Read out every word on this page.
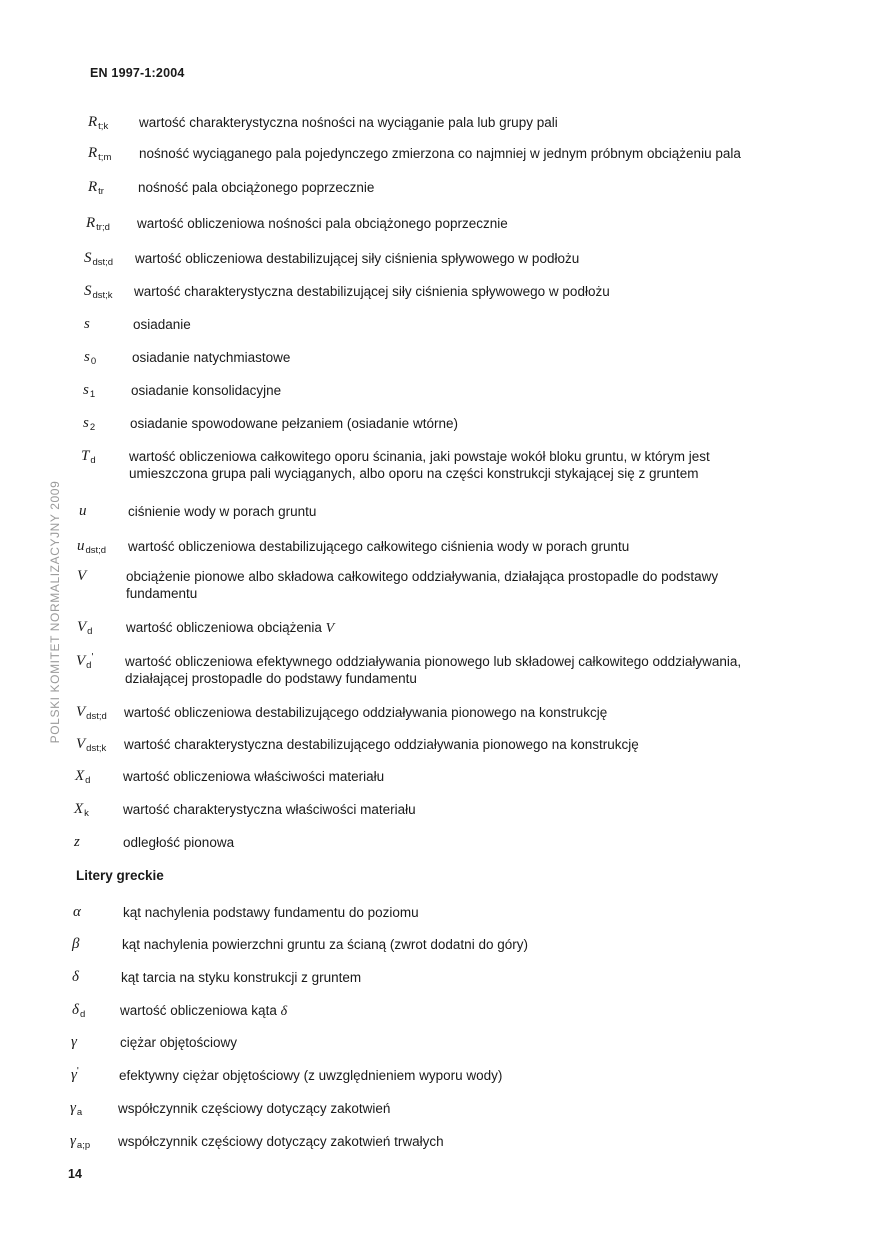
EN 1997-1:2004
POLSKI KOMITET NORMALIZACYJNY 2009
$R_{t;k}$ wartość charakterystyczna nośności na wyciąganie pala lub grupy pali
$R_{t;m}$ nośność wyciąganego pala pojedynczego zmierzona co najmniej w jednym próbnym obciążeniu pala
$R_{tr}$	nośność pala obciążonego poprzecznie
$R_{tr;d}$ wartość obliczeniowa nośności pala obciążonego poprzecznie
$S_{dst;d}$ wartość obliczeniowa destabilizującej siły ciśnienia spływowego w podłożu
$S_{dst;k}$ wartość charakterystyczna destabilizującej siły ciśnienia spływowego w podłożu
s	osiadanie
$s_0$	osiadanie natychmiastowe
$s_1$	osiadanie konsolidacyjne
$s_2$	osiadanie spowodowane pełzaniem (osiadanie wtórne)
$T_d$ wartość obliczeniowa całkowitego oporu ścinania, jaki powstaje wokół bloku gruntu, w którym jest umieszczona grupa pali wyciąganych, albo oporu na części konstrukcji stykającej się z gruntem
u	ciśnienie wody w porach gruntu
$u_{dst;d}$ wartość obliczeniowa destabilizującego całkowitego ciśnienia wody w porach gruntu
V	obciążenie pionowe albo składowa całkowitego oddziaływania, działająca prostopadle do podstawy fundamentu
$V_d$ wartość obliczeniowa obciążenia V
$V_d'$ wartość obliczeniowa efektywnego oddziaływania pionowego lub składowej całkowitego oddziaływania, działającej prostopadle do podstawy fundamentu
$V_{dst;d}$ wartość obliczeniowa destabilizującego oddziaływania pionowego na konstrukcję
$V_{dst;k}$ wartość charakterystyczna destabilizującego oddziaływania pionowego na konstrukcję
$X_d$ wartość obliczeniowa właściwości materiału
$X_k$	wartość charakterystyczna właściwości materiału
z	odległość pionowa
Litery greckie
α	kąt nachylenia podstawy fundamentu do poziomu
β	kąt nachylenia powierzchni gruntu za ścianą (zwrot dodatni do góry)
δ	kąt tarcia na styku konstrukcji z gruntem
$\delta_d$	wartość obliczeniowa kąta δ
γ	ciężar objętościowy
γ'	efektywny ciężar objętościowy (z uwzględnieniem wyporu wody)
$\gamma_a$	współczynnik częściowy dotyczący zakotwień
$\gamma_{a;p}$ współczynnik częściowy dotyczący zakotwień trwałych
14
